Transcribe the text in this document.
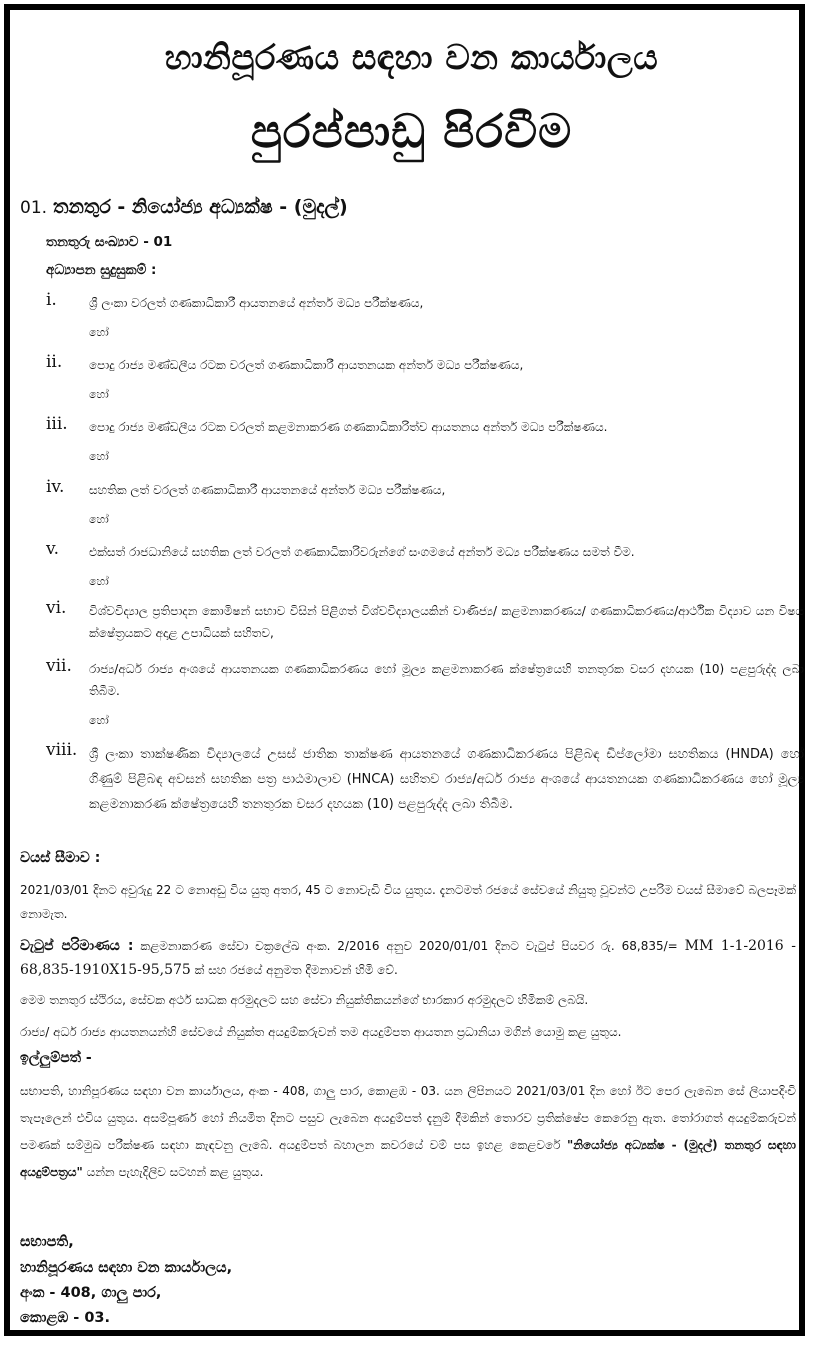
හානිපූරණය සඳහා වන කාර්යාලය
පුරප්පාඩු පිරවීම
01. තනතුර - නියෝජ්‍ය අධ්‍යක්ෂ - (මුදල්)
තනතුරු සංඛ්‍යාව - 01
අධ්‍යාපන සුදුසුකම් :
i.	ශ්‍රී ලංකා වරලත් ගණකාධිකාරී ආයතනයේ අන්තර් මධ්‍ය පරීක්ෂණය,
හෝ
ii. පොදු රාජ්‍ය මණ්ඩලීය රටක වරලත් ගණකාධිකාරී ආයතනයක අන්තර් මධ්‍ය පරීක්ෂණය,
හෝ
iii. පොදු රාජ්‍ය මණ්ඩලීය රටක වරලත් කළමනාකරණ ගණකාධිකාරිත්ව ආයතනය අන්තර් මධ්‍ය පරීක්ෂණය.
හෝ
iv. සහතික ලත් වරලත් ගණකාධිකාරී ආයතනයේ අන්තර් මධ්‍ය පරීක්ෂණය,
හෝ
v.	එක්සත් රාජධානියේ සහතික ලත් වරලත් ගණකාධිකාරිවරුන්ගේ සංගමයේ අන්තර් මධ්‍ය පරීක්ෂණය සමත් වීම.
හෝ
vi. විශ්වවිද්‍යාල ප්‍රතිපාදන කොමිෂන් සභාව විසින් පිළිගත් විශ්වවිද්‍යාලයකින් වාණිජ්‍ය/ කළමනාකරණය/ ගණකාධිකරණය/ආර්ථික විද්‍යාව යන විෂය ක්ෂේත්‍රයකට අදාළ උපාධියක් සහිතව,
vii. රාජ්‍ය/අර්ධ රාජ්‍ය අංශයේ ආයතනයක ගණකාධිකරණය හෝ මූල්‍ය කළමනාකරණ ක්ෂේත්‍රයෙහි තනතුරක වසර දහයක (10) පළපුරුද්ද ලබා තිබීම.
හෝ
viii. ශ්‍රී ලංකා තාක්ෂණික විද්‍යාලයේ උසස් ජාතික තාක්ෂණ ආයතනයේ ගණකාධිකරණය පිළිබඳ ඩිප්ලෝමා සහතිකය (HNDA) හෝ ගිණුම් පිළිබඳ අවසන් සහතික පත්‍ර පාඨමාලාව (HNCA) සහිතව රාජ්‍ය/අර්ධ රාජ්‍ය අංශයේ ආයතනයක ගණකාධිකරණය හෝ මූල්‍ය කළමනාකරණ ක්ෂේත්‍රයෙහි තනතුරක වසර දහයක (10) පළපුරුද්ද ලබා තිබීම.
වයස් සීමාව :
2021/03/01 දිනට අවුරුදු 22 ට නොඅඩු විය යුතු අතර, 45 ට නොවැඩි විය යුතුය. දැනටමත් රජයේ සේවයේ නියුතු වූවන්ට උපරිම වයස් සීමාවේ බලපෑමක් නොමැත.
වැටුප් පරිමාණය : කළමනාකරණ සේවා චක්‍රලේඛ අංක. 2/2016 අනුව 2020/01/01 දිනට වැටුප් පියවර රු. 68,835/= MM 1-1-2016 - 68,835-1910X15-95,575 ක් සහ රජයේ අනුමත දීමනාවන් හිමි වේ.
මෙම තනතුර ස්ථිරය, සේවක අර්ථ සාධක අරමුදලට සහ සේවා නියුක්තිකයන්ගේ භාරකාර අරමුදලට හිමිකම් ලබයි.
රාජ්‍ය/ අර්ධ රාජ්‍ය ආයතනයන්හි සේවයේ නියුක්ත අයදුම්කරුවන් තම අයදුම්පත ආයතන ප්‍රධානියා මගින් යොමු කළ යුතුය.
ඉල්ලුම්පත් -
සභාපති, හානිපූරණය සඳහා වන කාර්යාලය, අංක - 408, ගාලු පාර, කොළඹ - 03. යන ලිපිනයට 2021/03/01 දින හෝ ඊට පෙර ලැබෙන සේ ලියාපදිංචි තැපෑලෙන් එවිය යුතුය. අසම්පූර්ණ හෝ නියමිත දිනට පසුව ලැබෙන අයදුම්පත් දැනුම් දීමකින් තොරව ප්‍රතික්ෂේප කෙරෙනු ඇත. තෝරාගත් අයදුම්කරුවන් පමණක් සම්මුඛ පරීක්ෂණ සඳහා කැඳවනු ලැබේ. අයදුම්පත් බහාලන කවරයේ වම් පස ඉහළ කෙළවරේ "නියෝජ්‍ය අධ්‍යක්ෂ - (මුදල්) තනතුර සඳහා අයදුම්පත්‍රය" යන්න පැහැදිලිව සටහන් කළ යුතුය.
සභාපති,
හානිපූරණය සඳහා වන කාර්යාලය,
අංක - 408, ගාලු පාර,
කොළඹ - 03.
